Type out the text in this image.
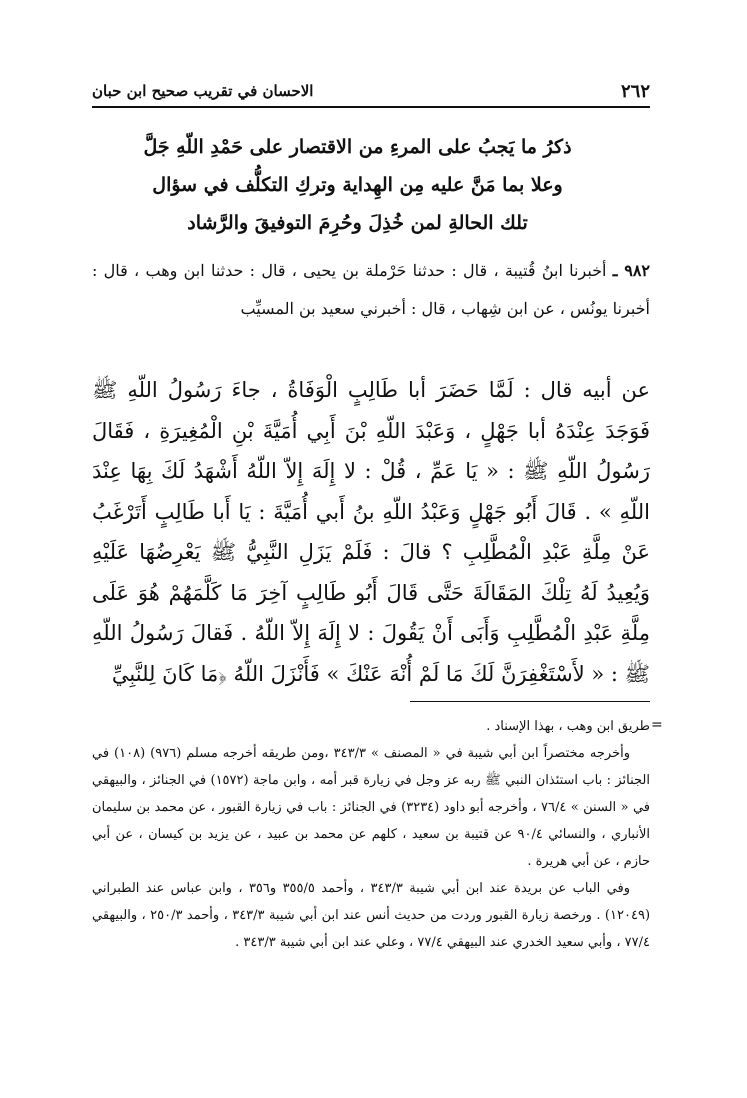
٢٦٢
الاحسان في تقريب صحيح ابن حبان
ذكرُ ما يَجبُ على المرءِ من الاقتصار على حَمْدِ اللّهِ جَلَّ وعلا بما مَنَّ عليه مِن الهِداية وتركِ التكلُّف في سؤال تلك الحالةِ لمن خُذِلَ وحُرِمَ التوفيقَ والرَّشاد
٩٨٢ ـ أخبرنا ابنُ قُتيبة ، قال : حدثنا حَرْملة بن يحيى ، قال : حدثنا ابن وهب ، قال : أخبرنا يونُس ، عن ابن شِهاب ، قال : أخبرني سعيد بن المسيِّب
عن أبيه قال : لَمَّا حَضَرَ أبا طَالِبٍ الْوَفَاةُ ، جاءَ رَسُولُ اللّهِ ﷺ فَوَجَدَ عِنْدَهُ أبا جَهْلٍ ، وَعَبْدَ اللّهِ بْنَ أَبِي أُمَيَّةَ بْنِ الْمُغِيرَةِ ، فَقَالَ رَسُولُ اللّهِ ﷺ : « يَا عَمِّ ، قُلْ : لا إِلَهَ إِلاّ اللّهُ أَشْهَدُ لَكَ بِهَا عِنْدَ اللّهِ » . قَالَ أَبُو جَهْلٍ وَعَبْدُ اللّهِ بنُ أَبي أُمَيَّةَ : يَا أَبا طَالِبٍ أَتَرْغَبُ عَنْ مِلَّةِ عَبْدِ الْمُطَّلِبِ ؟ قالَ : فَلَمْ يَزَلِ النَّبِيُّ ﷺ يَعْرِضُهَا عَلَيْهِ وَيُعِيدُ لَهُ تِلْكَ المَقَالَةَ حَتَّى قَالَ أَبُو طَالِبٍ آخِرَ مَا كَلَّمَهُمْ هُوَ عَلَى مِلَّةِ عَبْدِ الْمُطَّلِبِ وَأَبَى أَنْ يَقُولَ : لا إِلَهَ إِلاّ اللّهُ . فَقالَ رَسُولُ اللّهِ ﷺ : « لأَسْتَغْفِرَنَّ لَكَ مَا لَمْ أُنْهَ عَنْكَ » فَأَنْزَلَ اللّهُ ﴿مَا كَانَ لِلنَّبِيِّ
=

طريق ابن وهب ، بهذا الإسناد .

وأخرجه مختصراً ابن أبي شيبة في « المصنف » ٣٤٣/٣ ،ومن طريقه أخرجه مسلم (٩٧٦) (١٠٨) في الجنائز : باب استئذان النبي ﷺ ربه عز وجل في زيارة قبر أمه ، وابن ماجة (١٥٧٢) في الجنائز ، والبيهقي في « السنن » ٧٦/٤ ، وأخرجه أبو داود (٣٢٣٤) في الجنائز : باب في زيارة القبور ، عن محمد بن سليمان الأنباري ، والنسائي ٩٠/٤ عن قتيبة بن سعيد ، كلهم عن محمد بن عبيد ، عن يزيد بن كيسان ، عن أبي حازم ، عن أبي هريرة .

وفي الباب عن بريدة عند ابن أبي شيبة ٣٤٣/٣ ، وأحمد ٣٥٥/٥ و٣٥٦ ، وابن عباس عند الطبراني (١٢٠٤٩) . ورخصة زيارة القبور وردت من حديث أنس عند ابن أبي شيبة ٣٤٣/٣ ، وأحمد ٢٥٠/٣ ، والبيهقي ٧٧/٤ ، وأبي سعيد الخدري عند البيهقي ٧٧/٤ ، وعلي عند ابن أبي شيبة ٣٤٣/٣ .
